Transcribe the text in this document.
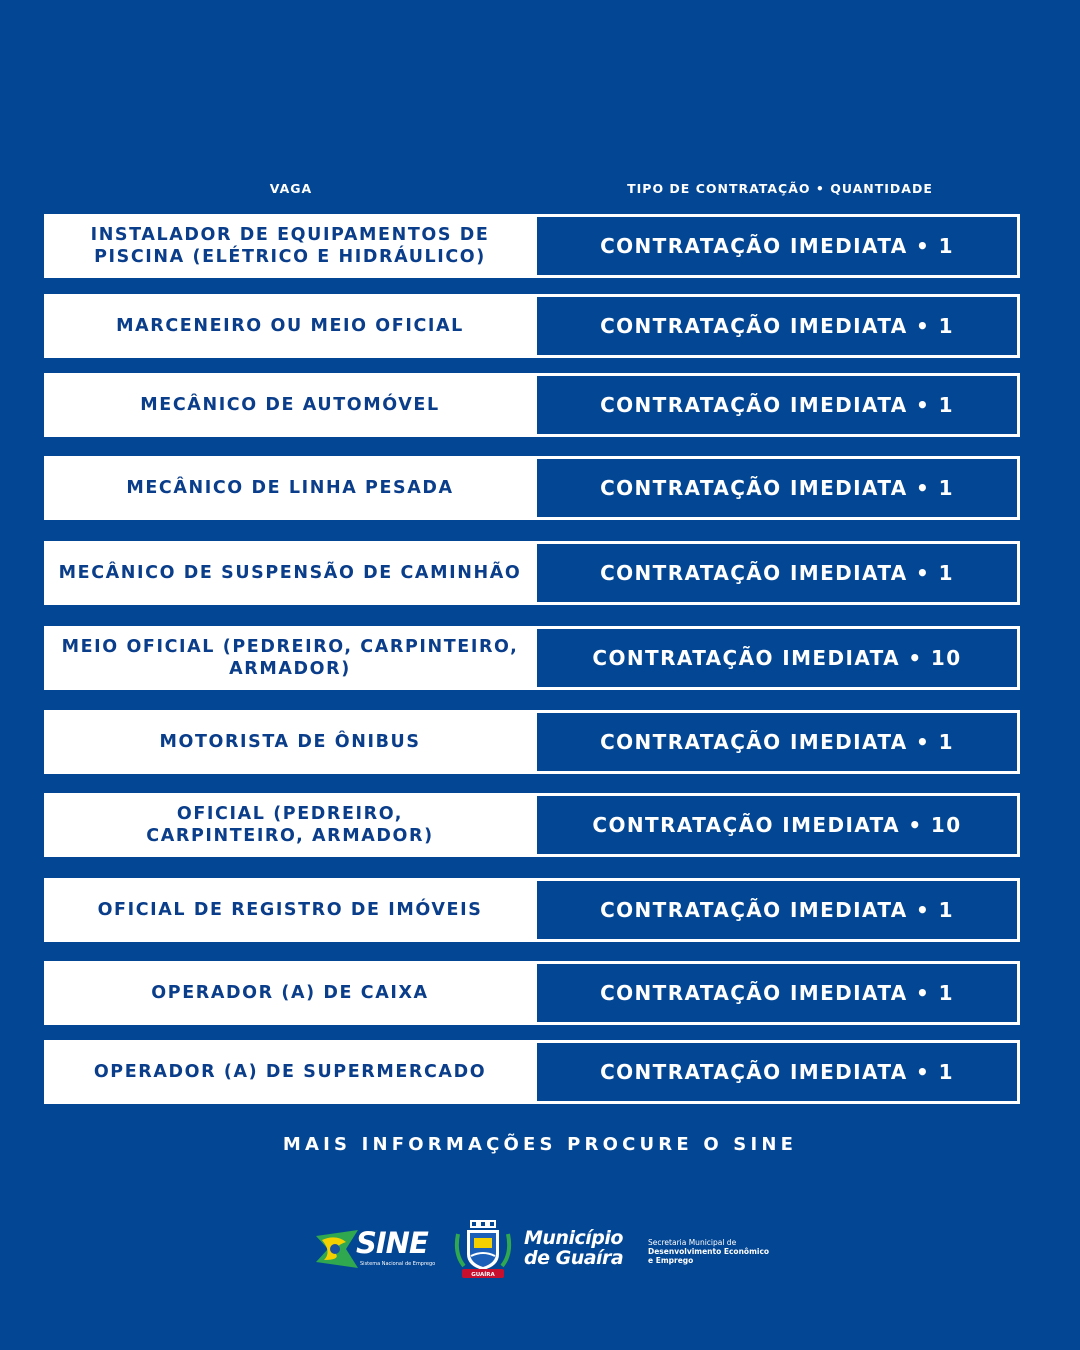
VAGA	TIPO DE CONTRATAÇÃO • QUANTIDADE
INSTALADOR DE EQUIPAMENTOS DE
PISCINA (ELÉTRICO E HIDRÁULICO)	CONTRATAÇÃO IMEDIATA • 1
MARCENEIRO OU MEIO OFICIAL	CONTRATAÇÃO IMEDIATA • 1
MECÂNICO DE AUTOMÓVEL	CONTRATAÇÃO IMEDIATA • 1
MECÂNICO DE LINHA PESADA	CONTRATAÇÃO IMEDIATA • 1
MECÂNICO DE SUSPENSÃO DE CAMINHÃO	CONTRATAÇÃO IMEDIATA • 1
MEIO OFICIAL (PEDREIRO, CARPINTEIRO,
ARMADOR)	CONTRATAÇÃO IMEDIATA • 10
MOTORISTA DE ÔNIBUS	CONTRATAÇÃO IMEDIATA • 1
OFICIAL (PEDREIRO,
CARPINTEIRO, ARMADOR)	CONTRATAÇÃO IMEDIATA • 10
OFICIAL DE REGISTRO DE IMÓVEIS	CONTRATAÇÃO IMEDIATA • 1
OPERADOR (A) DE CAIXA	CONTRATAÇÃO IMEDIATA • 1
OPERADOR (A) DE SUPERMERCADO	CONTRATAÇÃO IMEDIATA • 1
MAIS INFORMAÇÕES PROCURE O SINE
SINE
Sistema Nacional de Emprego
GUAÍRA
Município
de Guaíra
Secretaria Municipal de
Desenvolvimento Econômico
e Emprego
